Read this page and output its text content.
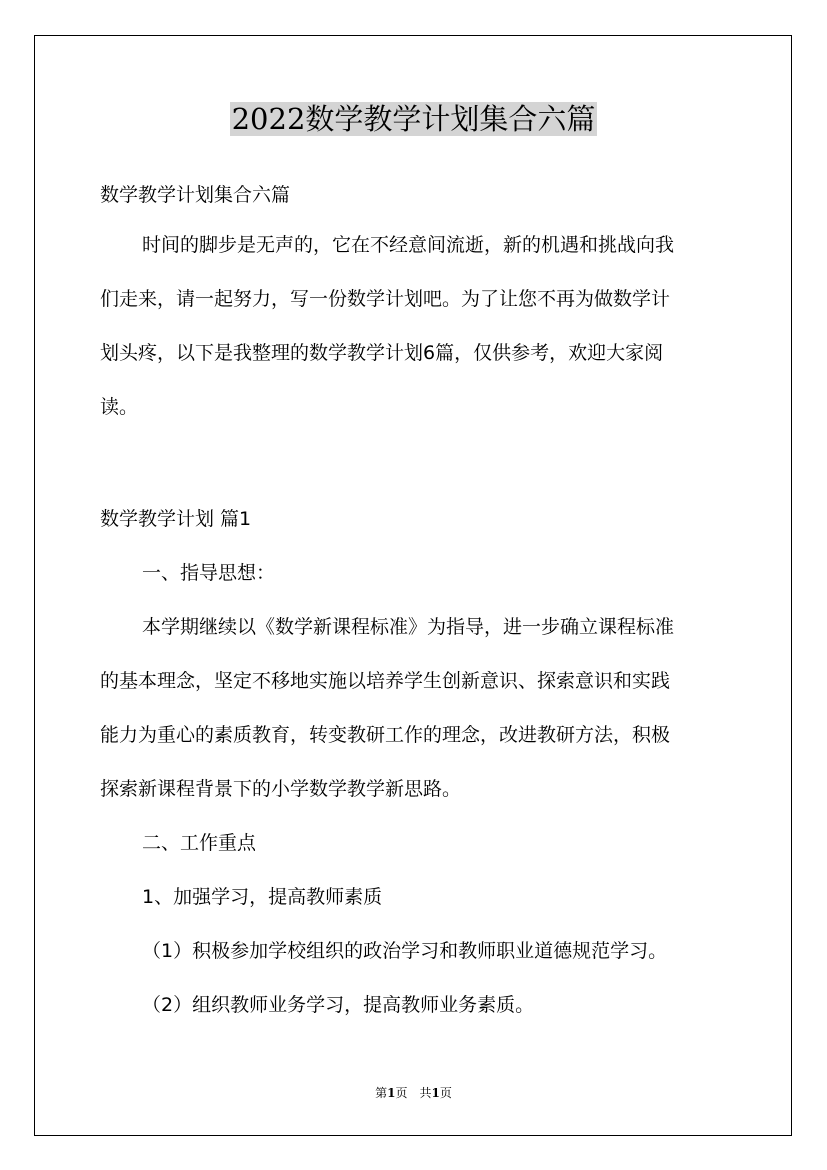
2022数学教学计划集合六篇
数学教学计划集合六篇
时间的脚步是无声的，它在不经意间流逝，新的机遇和挑战向我
们走来，请一起努力，写一份数学计划吧。为了让您不再为做数学计
划头疼，以下是我整理的数学教学计划6篇，仅供参考，欢迎大家阅
读。
数学教学计划 篇1
一、指导思想：
本学期继续以《数学新课程标准》为指导，进一步确立课程标准
的基本理念，坚定不移地实施以培养学生创新意识、探索意识和实践
能力为重心的素质教育，转变教研工作的理念，改进教研方法，积极
探索新课程背景下的小学数学教学新思路。
二、工作重点
1、加强学习，提高教师素质
（1）积极参加学校组织的政治学习和教师职业道德规范学习。
（2）组织教师业务学习，提高教师业务素质。
第1页　共1页
